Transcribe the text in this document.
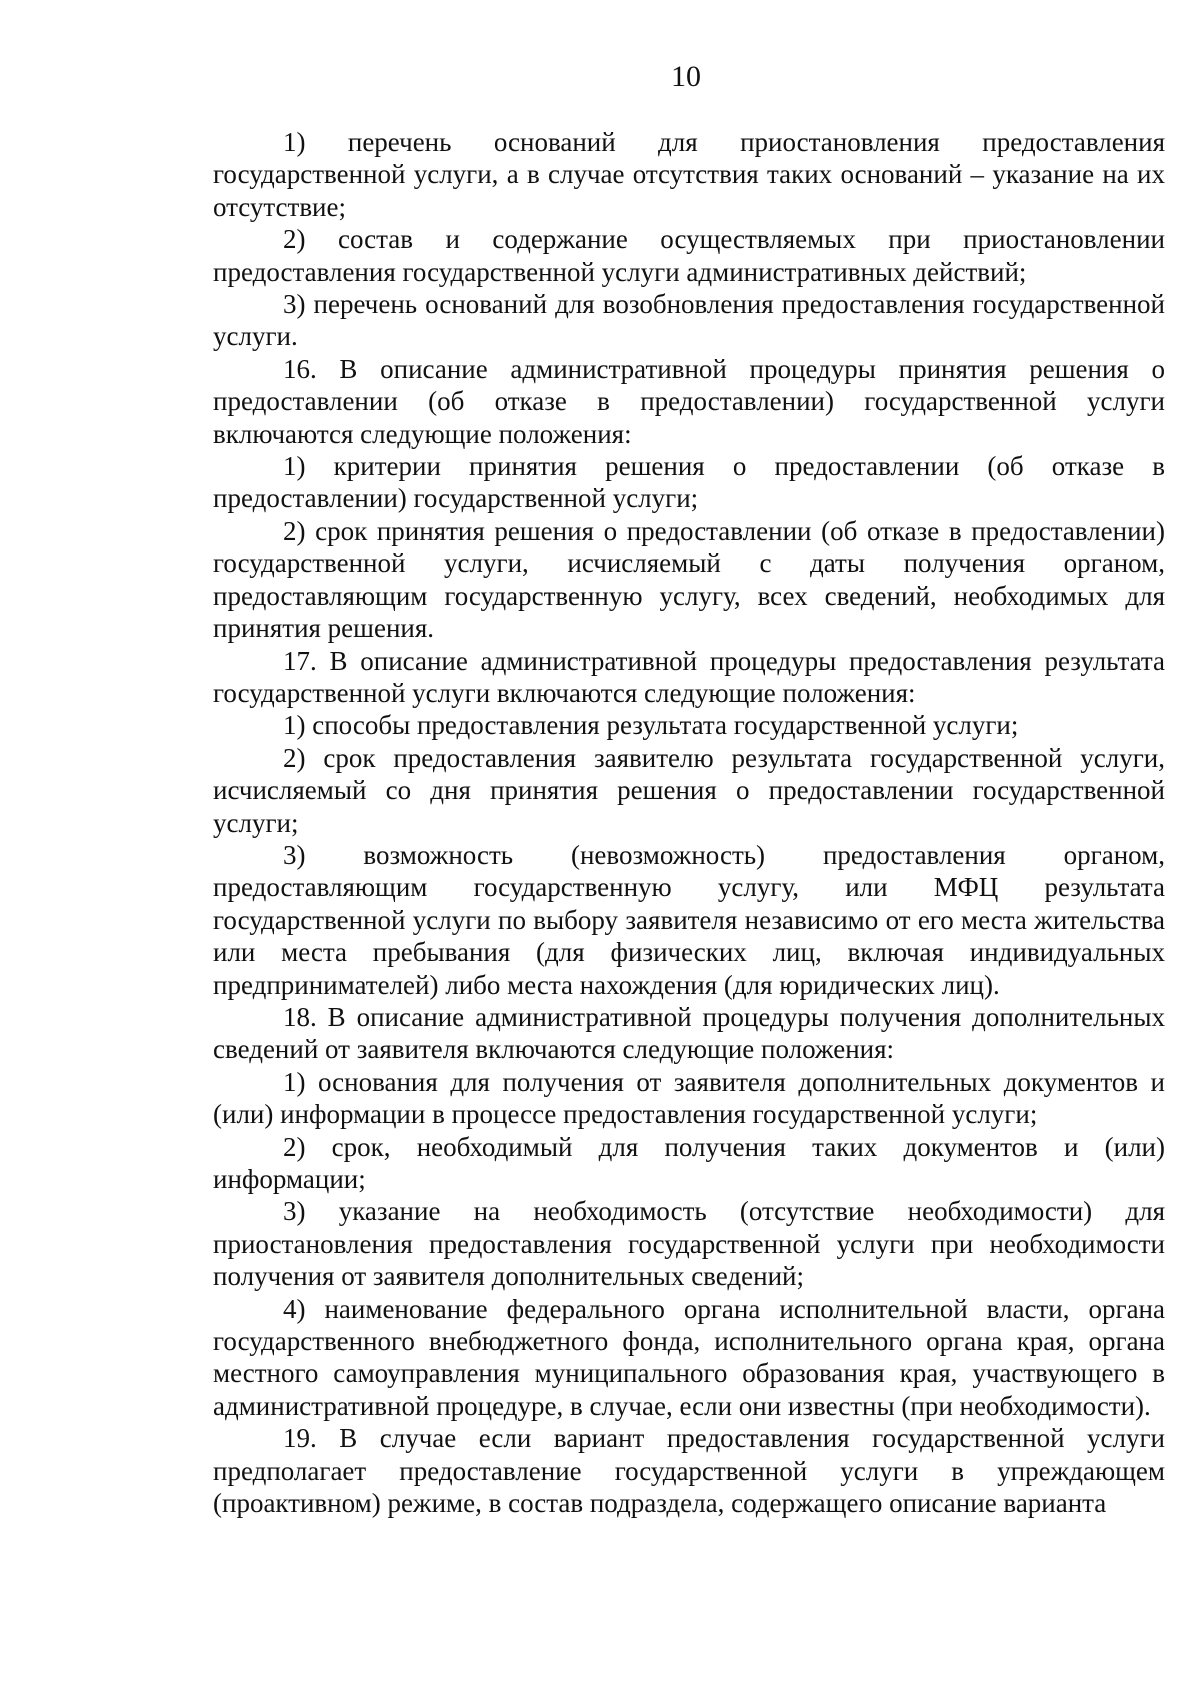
10

1) перечень оснований для приостановления предоставления государственной услуги, а в случае отсутствия таких оснований – указание на их отсутствие;

2) состав и содержание осуществляемых при приостановлении предоставления государственной услуги административных действий;

3) перечень оснований для возобновления предоставления государственной услуги.

16. В описание административной процедуры принятия решения о предоставлении (об отказе в предоставлении) государственной услуги включаются следующие положения:

1) критерии принятия решения о предоставлении (об отказе в предоставлении) государственной услуги;

2) срок принятия решения о предоставлении (об отказе в предоставлении) государственной услуги, исчисляемый с даты получения органом, предоставляющим государственную услугу, всех сведений, необходимых для принятия решения.

17. В описание административной процедуры предоставления результата государственной услуги включаются следующие положения:

1) способы предоставления результата государственной услуги;

2) срок предоставления заявителю результата государственной услуги, исчисляемый со дня принятия решения о предоставлении государственной услуги;

3) возможность (невозможность) предоставления органом, предоставляющим государственную услугу, или МФЦ результата государственной услуги по выбору заявителя независимо от его места жительства или места пребывания (для физических лиц, включая индивидуальных предпринимателей) либо места нахождения (для юридических лиц).

18. В описание административной процедуры получения дополнительных сведений от заявителя включаются следующие положения:

1) основания для получения от заявителя дополнительных документов и (или) информации в процессе предоставления государственной услуги;

2) срок, необходимый для получения таких документов и (или) информации;

3) указание на необходимость (отсутствие необходимости) для приостановления предоставления государственной услуги при необходимости получения от заявителя дополнительных сведений;

4) наименование федерального органа исполнительной власти, органа государственного внебюджетного фонда, исполнительного органа края, органа местного самоуправления муниципального образования края, участвующего в административной процедуре, в случае, если они известны (при необходимости).

19. В случае если вариант предоставления государственной услуги предполагает предоставление государственной услуги в упреждающем (проактивном) режиме, в состав подраздела, содержащего описание варианта
